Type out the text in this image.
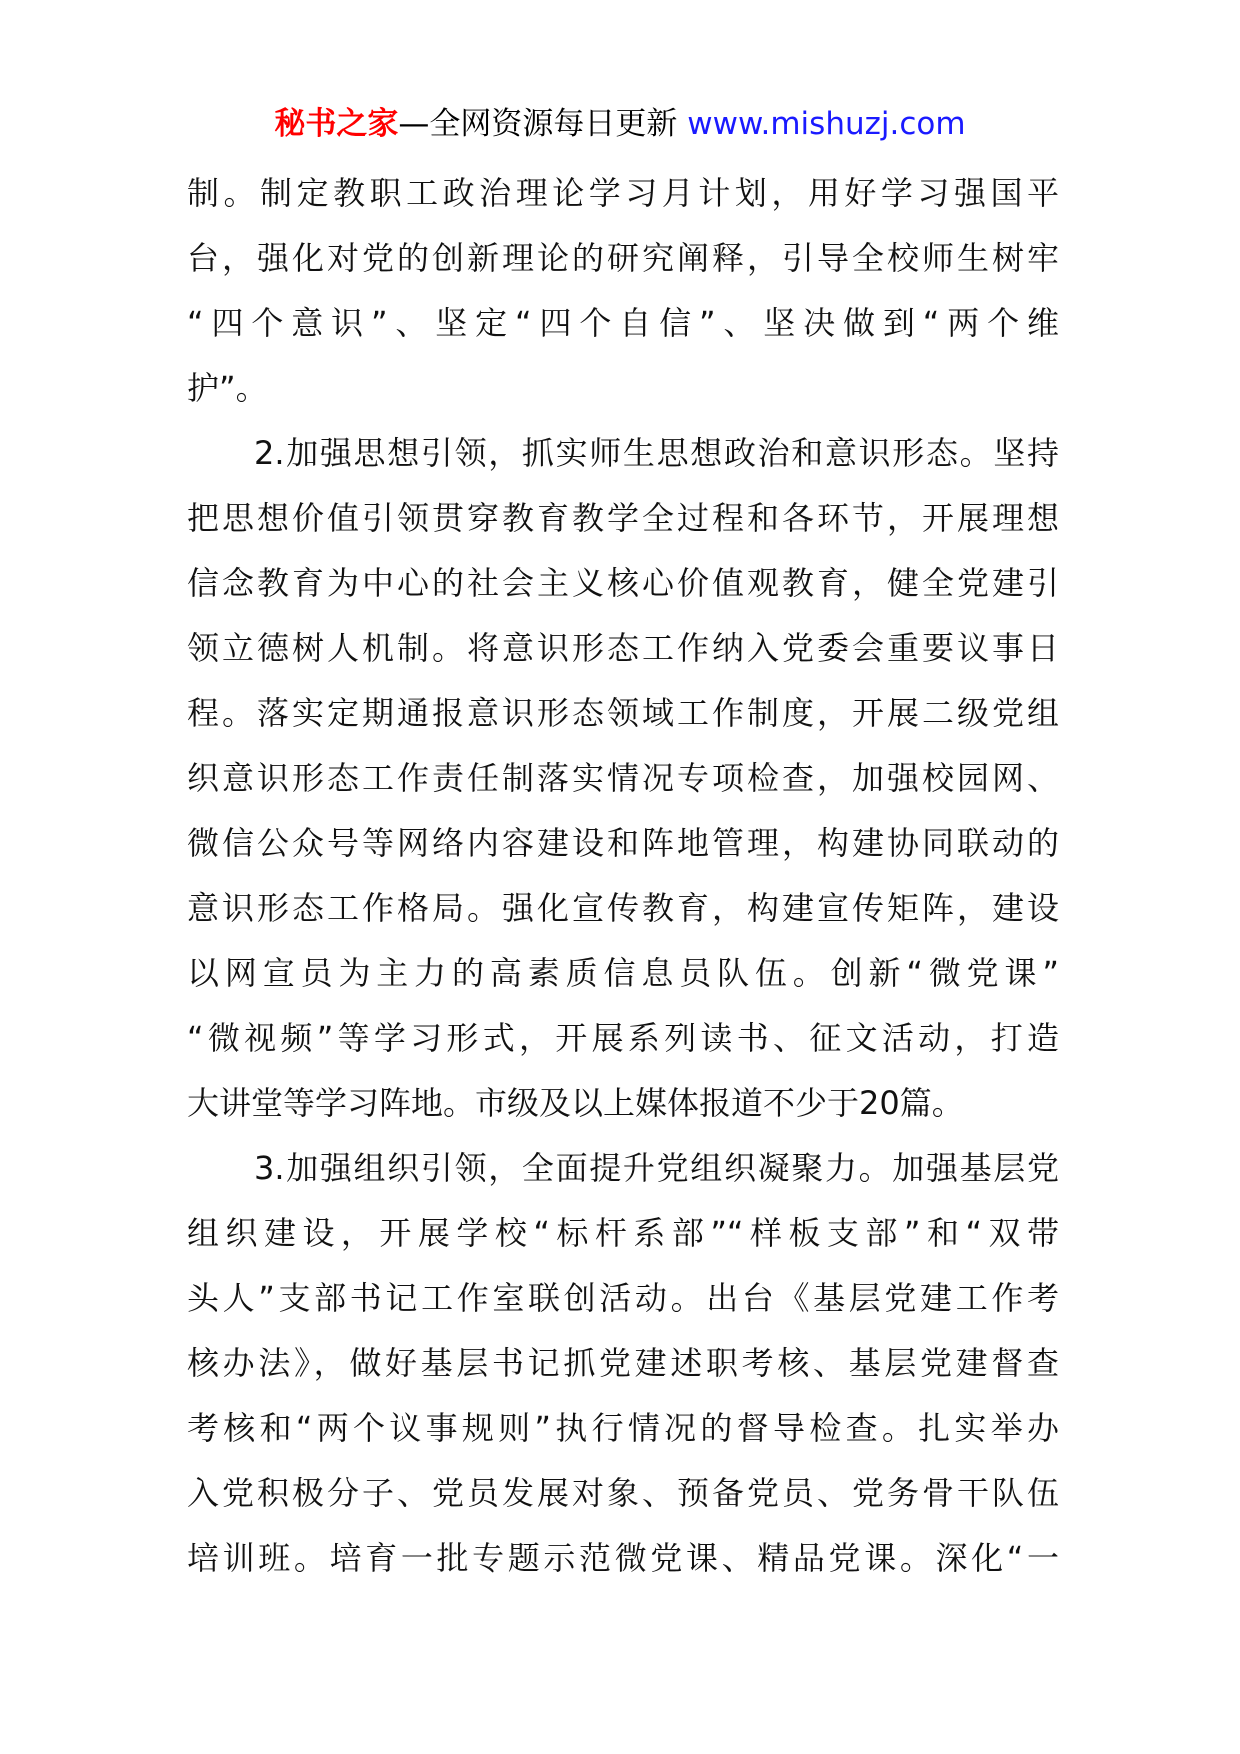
秘书之家—全网资源每日更新 www.mishuzj.com
制。制定教职工政治理论学习月计划，用好学习强国平
台，强化对党的创新理论的研究阐释，引导全校师生树牢
“四个意识”、坚定“四个自信”、坚决做到“两个维
护”。
2.加强思想引领，抓实师生思想政治和意识形态。坚持
把思想价值引领贯穿教育教学全过程和各环节，开展理想
信念教育为中心的社会主义核心价值观教育，健全党建引
领立德树人机制。将意识形态工作纳入党委会重要议事日
程。落实定期通报意识形态领域工作制度，开展二级党组
织意识形态工作责任制落实情况专项检查，加强校园网、
微信公众号等网络内容建设和阵地管理，构建协同联动的
意识形态工作格局。强化宣传教育，构建宣传矩阵，建设
以网宣员为主力的高素质信息员队伍。创新“微党课”
“微视频”等学习形式，开展系列读书、征文活动，打造
大讲堂等学习阵地。市级及以上媒体报道不少于20篇。
3.加强组织引领，全面提升党组织凝聚力。加强基层党
组织建设，开展学校“标杆系部”“样板支部”和“双带
头人”支部书记工作室联创活动。出台《基层党建工作考
核办法》，做好基层书记抓党建述职考核、基层党建督查
考核和“两个议事规则”执行情况的督导检查。扎实举办
入党积极分子、党员发展对象、预备党员、党务骨干队伍
培训班。培育一批专题示范微党课、精品党课。深化“一
